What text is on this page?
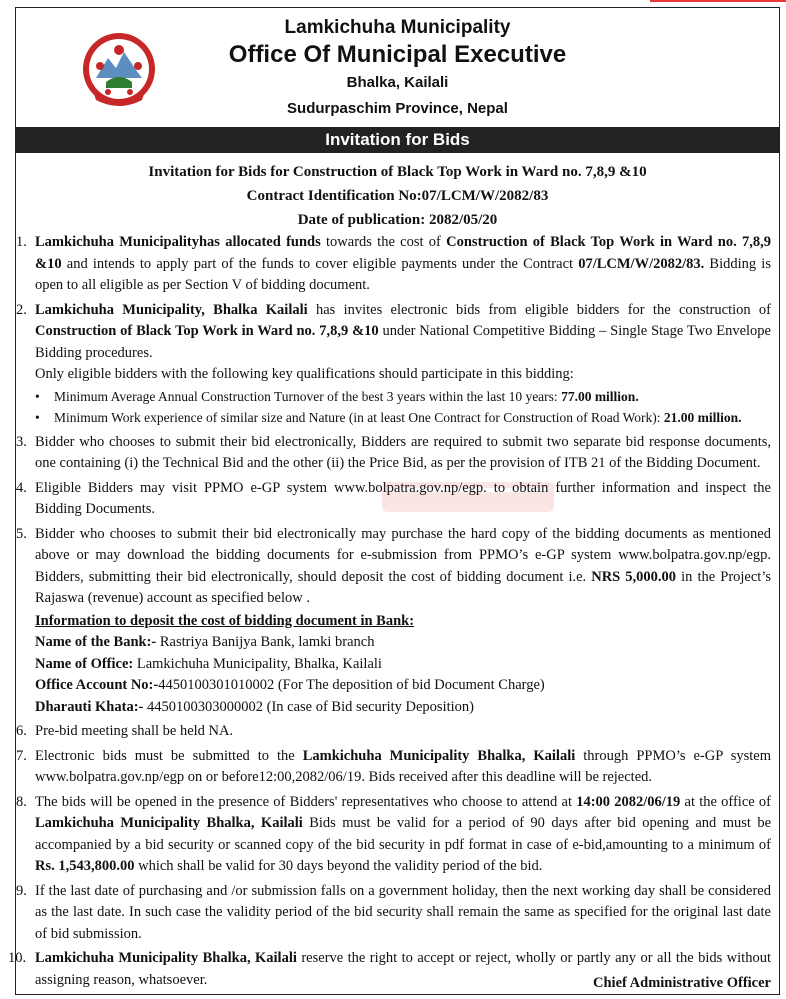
Lamkichuha Municipality
Office Of Municipal Executive
Bhalka, Kailali
Sudurpaschim Province, Nepal
Invitation for Bids
Invitation for Bids for Construction of Black Top Work in Ward no. 7,8,9 &10
Contract Identification No:07/LCM/W/2082/83
Date of publication: 2082/05/20
1. Lamkichuha Municipalityhas allocated funds towards the cost of Construction of Black Top Work in Ward no. 7,8,9 &10 and intends to apply part of the funds to cover eligible payments under the Contract 07/LCM/W/2082/83. Bidding is open to all eligible as per Section V of bidding document.
2. Lamkichuha Municipality, Bhalka Kailali has invites electronic bids from eligible bidders for the construction of Construction of Black Top Work in Ward no. 7,8,9 &10 under National Competitive Bidding – Single Stage Two Envelope Bidding procedures.
Only eligible bidders with the following key qualifications should participate in this bidding:
• Minimum Average Annual Construction Turnover of the best 3 years within the last 10 years: 77.00 million.
• Minimum Work experience of similar size and Nature (in at least One Contract for Construction of Road Work): 21.00 million.
3. Bidder who chooses to submit their bid electronically, Bidders are required to submit two separate bid response documents, one containing (i) the Technical Bid and the other (ii) the Price Bid, as per the provision of ITB 21 of the Bidding Document.
4. Eligible Bidders may visit PPMO e-GP system www.bolpatra.gov.np/egp. to obtain further information and inspect the Bidding Documents.
5. Bidder who chooses to submit their bid electronically may purchase the hard copy of the bidding documents as mentioned above or may download the bidding documents for e-submission from PPMO’s e-GP system www.bolpatra.gov.np/egp. Bidders, submitting their bid electronically, should deposit the cost of bidding document i.e. NRS 5,000.00 in the Project’s Rajaswa (revenue) account as specified below .
Information to deposit the cost of bidding document in Bank:
Name of the Bank:- Rastriya Banijya Bank, lamki branch
Name of Office: Lamkichuha Municipality, Bhalka, Kailali
Office Account No:-4450100301010002 (For The deposition of bid Document Charge)
Dharauti Khata:- 4450100303000002 (In case of Bid security Deposition)
6. Pre-bid meeting shall be held NA.
7. Electronic bids must be submitted to the Lamkichuha Municipality Bhalka, Kailali through PPMO’s e-GP system www.bolpatra.gov.np/egp on or before12:00,2082/06/19. Bids received after this deadline will be rejected.
8. The bids will be opened in the presence of Bidders' representatives who choose to attend at 14:00 2082/06/19 at the office of Lamkichuha Municipality Bhalka, Kailali Bids must be valid for a period of 90 days after bid opening and must be accompanied by a bid security or scanned copy of the bid security in pdf format in case of e-bid,amounting to a minimum of Rs. 1,543,800.00 which shall be valid for 30 days beyond the validity period of the bid.
9. If the last date of purchasing and /or submission falls on a government holiday, then the next working day shall be considered as the last date. In such case the validity period of the bid security shall remain the same as specified for the original last date of bid submission.
10. Lamkichuha Municipality Bhalka, Kailali reserve the right to accept or reject, wholly or partly any or all the bids without assigning reason, whatsoever.	Chief Administrative Officer
